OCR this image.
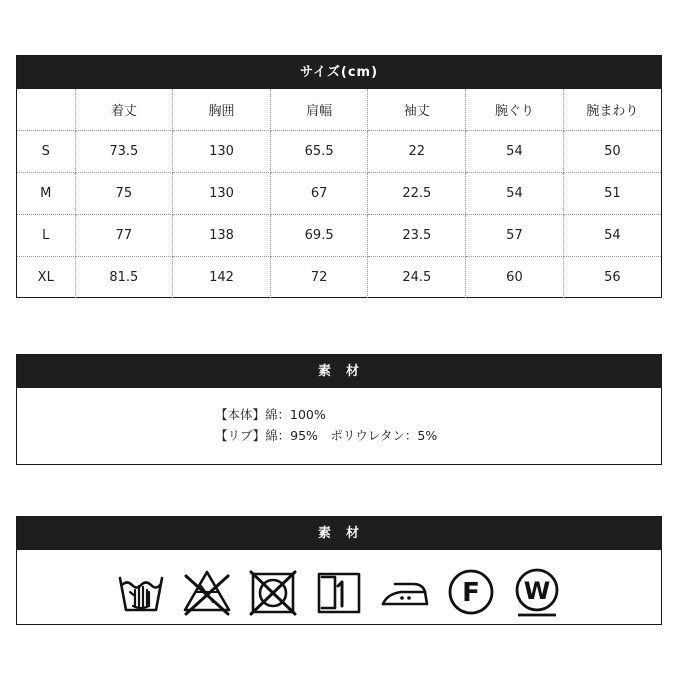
サイズ(cm)
	着丈	胸囲	肩幅	袖丈	腕ぐり	腕まわり
S	73.5	130	65.5	22	54	50
M	75	130	67	22.5	54	51
L	77	138	69.5	23.5	57	54
XL	81.5	142	72	24.5	60	56
素　材
【本体】綿：100%
【リブ】綿：95%　ポリウレタン：5%
素　材
F W
